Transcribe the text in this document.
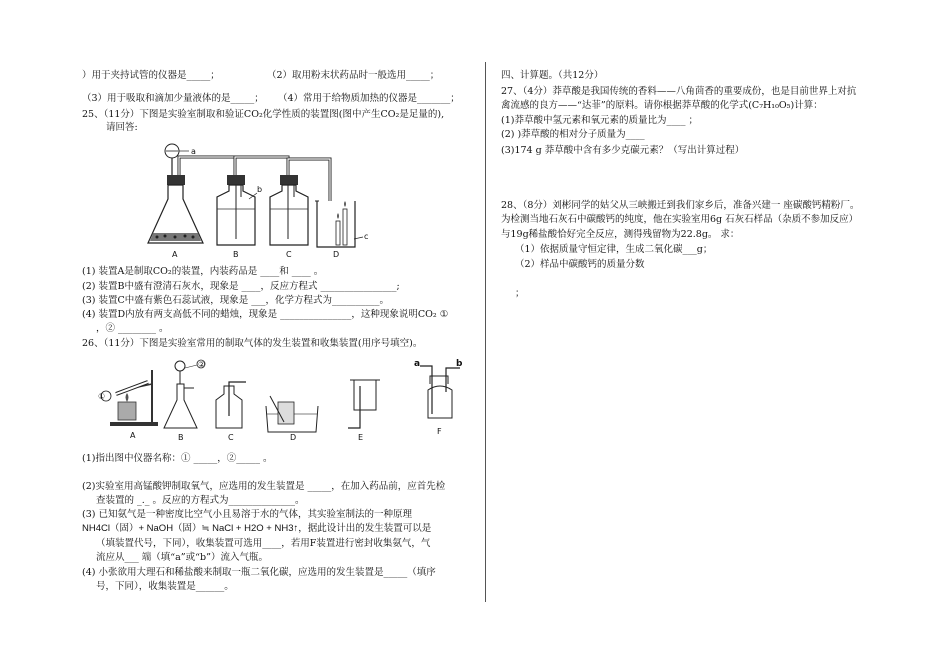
）用于夹持试管的仪器是_____；	（2）取用粉末状药品时一般选用_____；
（3）用于吸取和滴加少量液体的是_____； （4）常用于给物质加热的仪器是_______；
25、（11分）下图是实验室制取和验证CO₂化学性质的装置图(图中产生CO₂是足量的),
请回答:
a
b
c
A	B	C	D
(1) 装置A是制取CO₂的装置，内装药品是 ____和 ____ 。
(2) 装置B中盛有澄清石灰水，现象是 ____，反应方程式 ________________;
(3) 装置C中盛有紫色石蕊试液，现象是 ___，化学方程式为__________。
(4) 装置D内放有两支高低不同的蜡烛，现象是 _______________，这种现象说明CO₂ ①
，② ________ 。
26、（11分）下图是实验室常用的制取气体的发生装置和收集装置(用序号填空)。
①
②	a	b
A	B	C	D	E
F
(1)指出图中仪器名称：① _____，②_____ 。
(2)实验室用高锰酸钾制取氧气，应选用的发生装置是 _____，在加入药品前，应首先检
查装置的 _._ 。反应的方程式为______________。
(3) 已知氨气是一种密度比空气小且易溶于水的气体，其实验室制法的一种原理
NH4Cl（固）+ NaOH（固）≒ NaCl + H2O + NH3↑，据此设计出的发生装置可以是
（填装置代号，下同），收集装置可选用____，若用F装置进行密封收集氨气，气
流应从___ 端（填“a”或“b”）流入气瓶。
(4) 小张欲用大理石和稀盐酸来制取一瓶二氧化碳，应选用的发生装置是_____（填序
号，下同），收集装置是______。
四、计算题。（共12分）
27、（4分）莽草酸是我国传统的香料——八角茴香的重要成份，也是目前世界上对抗
禽流感的良方——“达菲”的原料。请你根据莽草酸的化学式(C₇H₁₀O₅)计算：
(1)莽草酸中氢元素和氧元素的质量比为____ ；
(2) )莽草酸的相对分子质量为____
(3)174 g 莽草酸中含有多少克碳元素？（写出计算过程）
28、（8分）刘彬同学的姑父从三峡搬迁到我们家乡后，准备兴建一 座碳酸钙精粉厂。
为检测当地石灰石中碳酸钙的纯度，他在实验室用6g 石灰石样品（杂质不参加反应）
与19g稀盐酸恰好完全反应，测得残留物为22.8g。 求：
（1）依据质量守恒定律，生成二氧化碳___g；
（2）样品中碳酸钙的质量分数
；
